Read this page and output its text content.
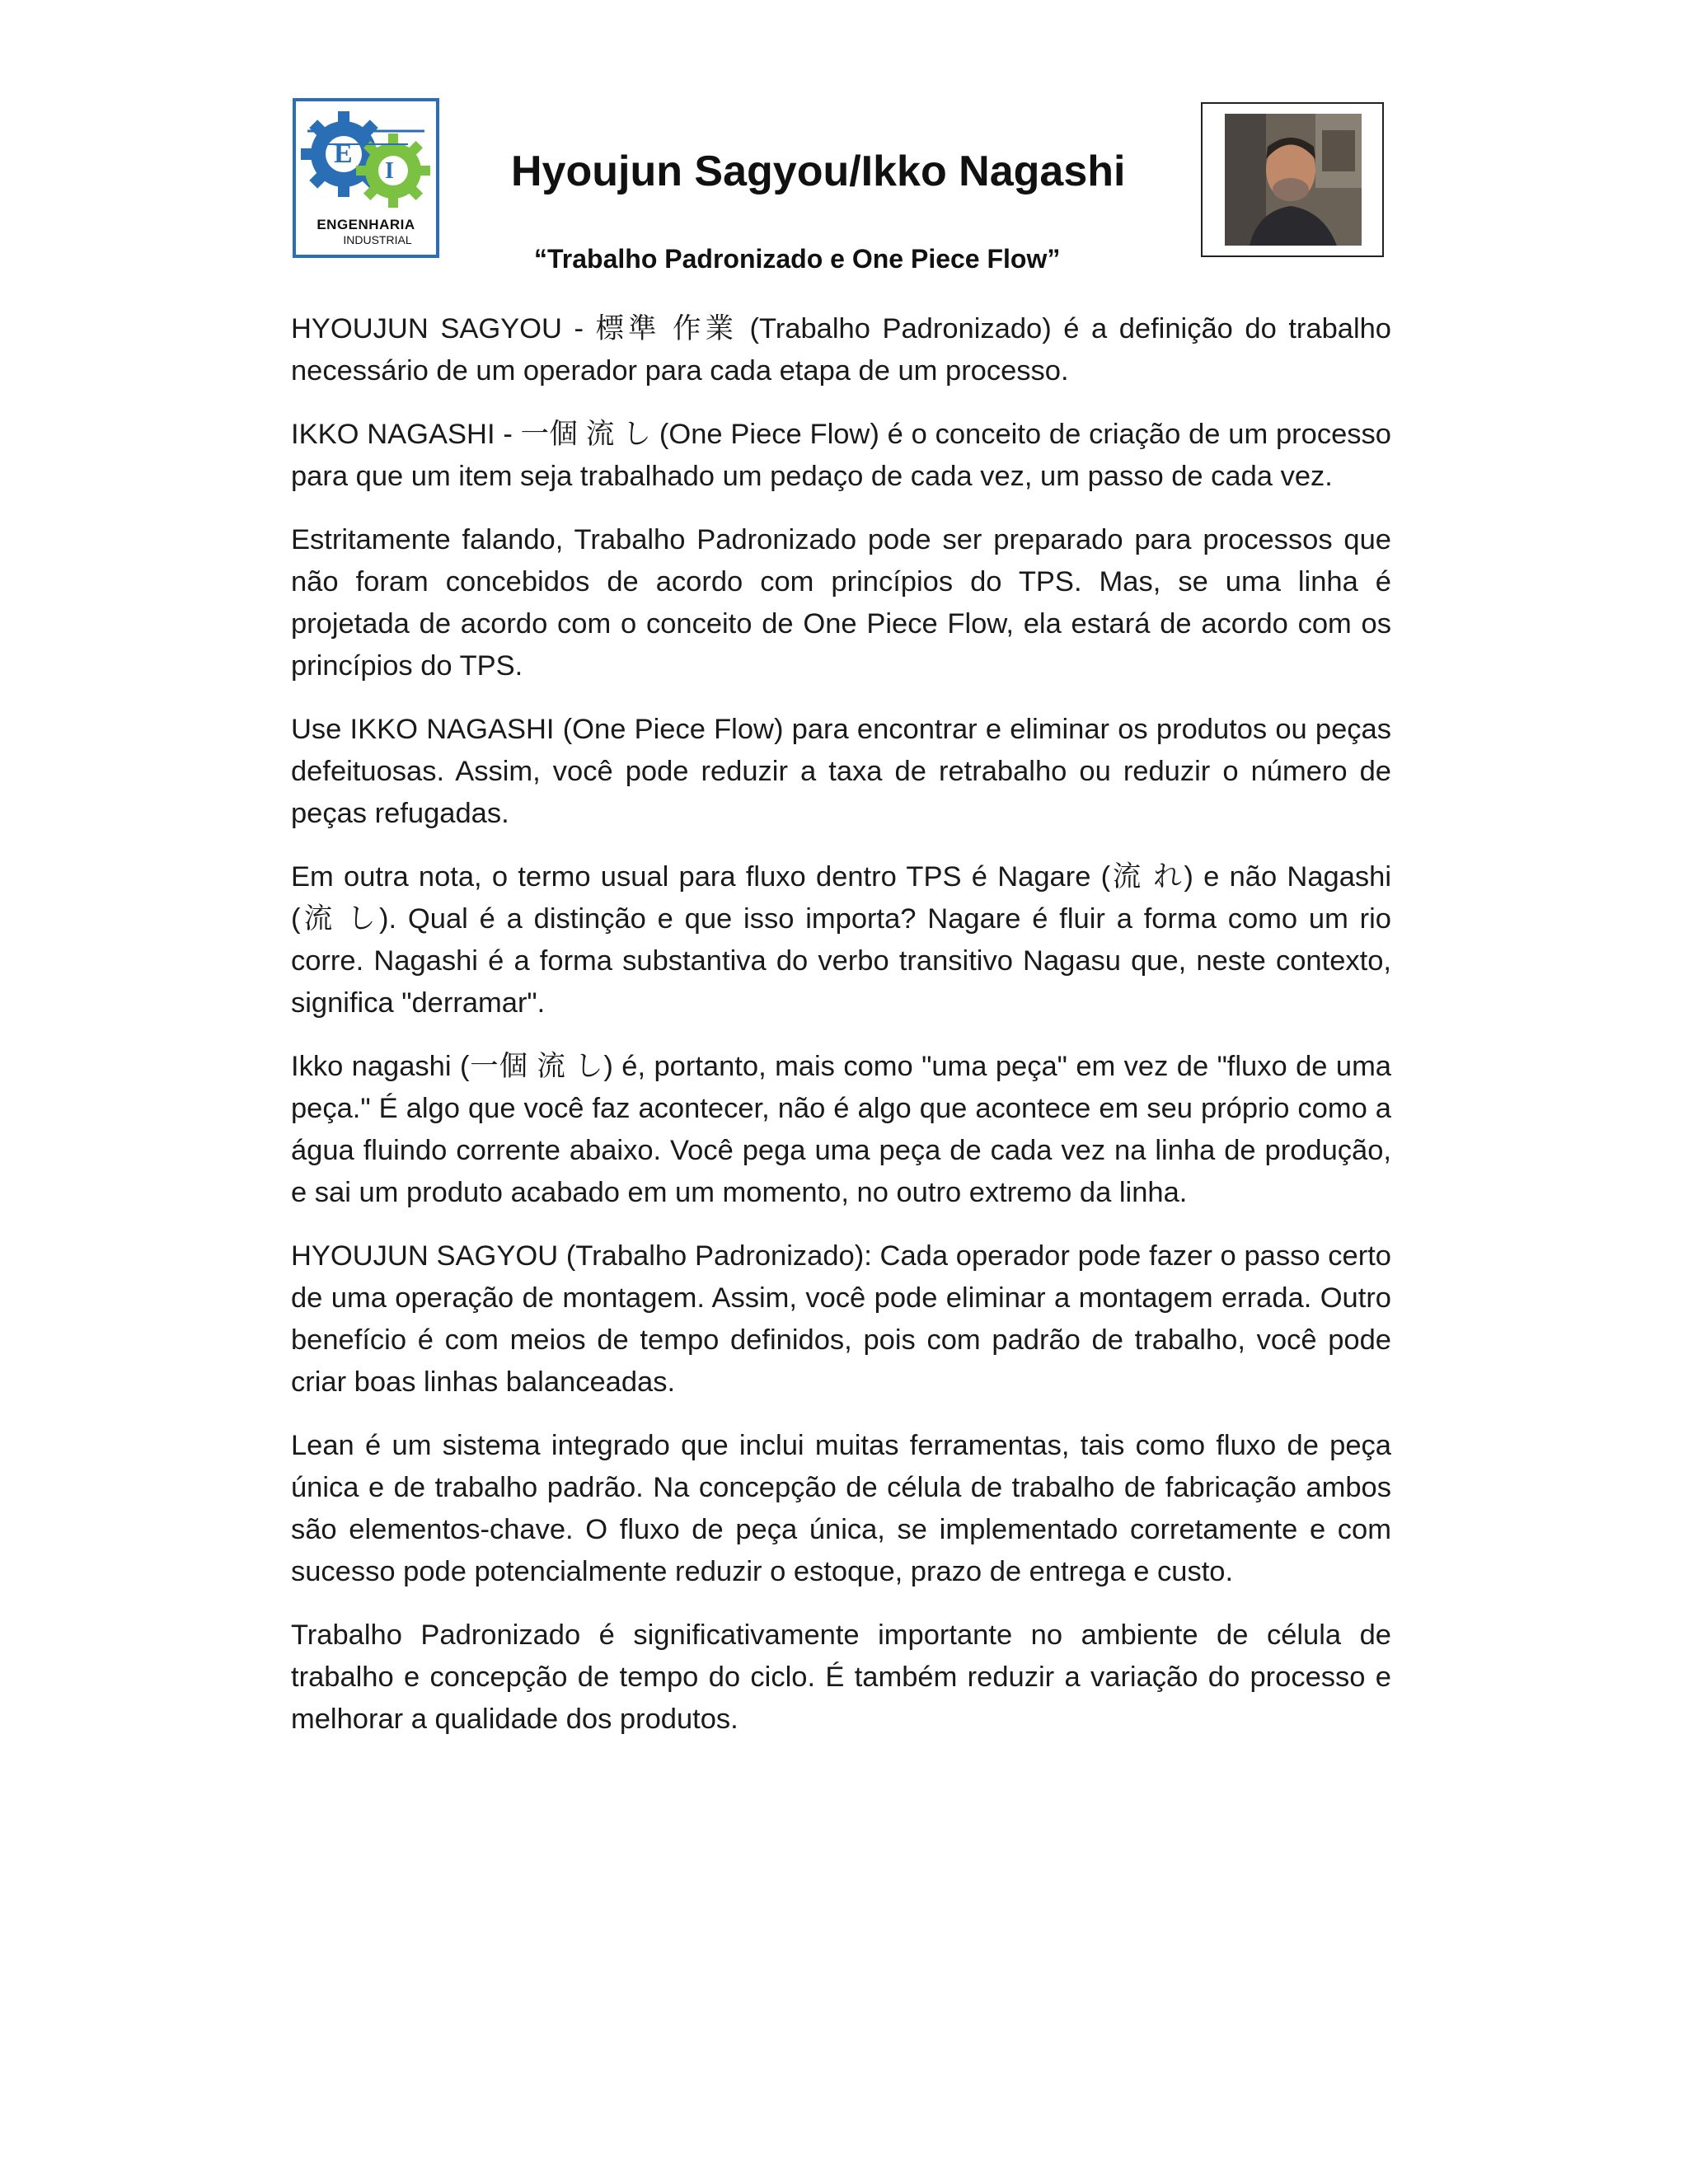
E
I
ENGENHARIA
INDUSTRIAL
Hyoujun Sagyou/Ikko Nagashi
“Trabalho Padronizado e One Piece Flow”

HYOUJUN SAGYOU - 標準 作業 (Trabalho Padronizado) é a definição do trabalho necessário de um operador para cada etapa de um processo.

IKKO NAGASHI - 一個 流 し (One Piece Flow) é o conceito de criação de um processo para que um item seja trabalhado um pedaço de cada vez, um passo de cada vez.

Estritamente falando, Trabalho Padronizado pode ser preparado para processos que não foram concebidos de acordo com princípios do TPS. Mas, se uma linha é projetada de acordo com o conceito de One Piece Flow, ela estará de acordo com os princípios do TPS.

Use IKKO NAGASHI (One Piece Flow) para encontrar e eliminar os produtos ou peças defeituosas. Assim, você pode reduzir a taxa de retrabalho ou reduzir o número de peças refugadas.

Em outra nota, o termo usual para fluxo dentro TPS é Nagare (流 れ) e não Nagashi (流 し). Qual é a distinção e que isso importa? Nagare é fluir a forma como um rio corre. Nagashi é a forma substantiva do verbo transitivo Nagasu que, neste contexto, significa "derramar".

Ikko nagashi (一個 流 し) é, portanto, mais como "uma peça" em vez de "fluxo de uma peça." É algo que você faz acontecer, não é algo que acontece em seu próprio como a água fluindo corrente abaixo. Você pega uma peça de cada vez na linha de produção, e sai um produto acabado em um momento, no outro extremo da linha.

HYOUJUN SAGYOU (Trabalho Padronizado): Cada operador pode fazer o passo certo de uma operação de montagem. Assim, você pode eliminar a montagem errada. Outro benefício é com meios de tempo definidos, pois com padrão de trabalho, você pode criar boas linhas balanceadas.

Lean é um sistema integrado que inclui muitas ferramentas, tais como fluxo de peça única e de trabalho padrão. Na concepção de célula de trabalho de fabricação ambos são elementos-chave. O fluxo de peça única, se implementado corretamente e com sucesso pode potencialmente reduzir o estoque, prazo de entrega e custo.

Trabalho Padronizado é significativamente importante no ambiente de célula de trabalho e concepção de tempo do ciclo. É também reduzir a variação do processo e melhorar a qualidade dos produtos.
